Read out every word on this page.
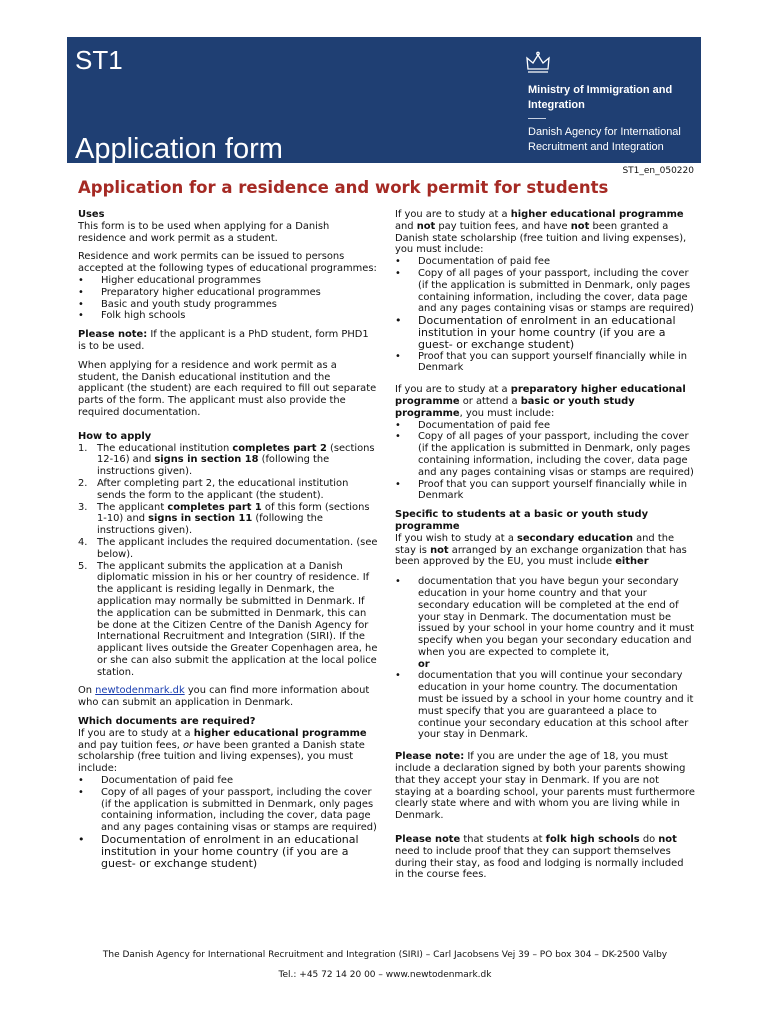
ST1
Application form
Ministry of Immigration and Integration
Danish Agency for International Recruitment and Integration
ST1_en_050220
Application for a residence and work permit for students

Uses
This form is to be used when applying for a Danish residence and work permit as a student.

Residence and work permits can be issued to persons accepted at the following types of educational programmes:

• Higher educational programmes
• Preparatory higher educational programmes
• Basic and youth study programmes
• Folk high schools

Please note: If the applicant is a PhD student, form PHD1 is to be used.

When applying for a residence and work permit as a student, the Danish educational institution and the applicant (the student) are each required to fill out separate parts of the form. The applicant must also provide the required documentation.

How to apply
1. The educational institution completes part 2 (sections 12-16) and signs in section 18 (following the instructions given).
2. After completing part 2, the educational institution sends the form to the applicant (the student).
3. The applicant completes part 1 of this form (sections 1-10) and signs in section 11 (following the instructions given).
4. The applicant includes the required documentation. (see below).
5. The applicant submits the application at a Danish diplomatic mission in his or her country of residence. If the applicant is residing legally in Denmark, the application may normally be submitted in Denmark. If the application can be submitted in Denmark, this can be done at the Citizen Centre of the Danish Agency for International Recruitment and Integration (SIRI). If the applicant lives outside the Greater Copenhagen area, he or she can also submit the application at the local police station.

On newtodenmark.dk you can find more information about who can submit an application in Denmark.

Which documents are required?

If you are to study at a higher educational programme and pay tuition fees, or have been granted a Danish state scholarship (free tuition and living expenses), you must include:
• Documentation of paid fee
• Copy of all pages of your passport, including the cover (if the application is submitted in Denmark, only pages containing information, including the cover, data page and any pages containing visas or stamps are required)
• Documentation of enrolment in an educational institution in your home country (if you are a guest- or exchange student)
If you are to study at a higher educational programme and not pay tuition fees, and have not been granted a Danish state scholarship (free tuition and living expenses), you must include:
• Documentation of paid fee
• Copy of all pages of your passport, including the cover (if the application is submitted in Denmark, only pages containing information, including the cover, data page and any pages containing visas or stamps are required)
• Documentation of enrolment in an educational institution in your home country (if you are a guest- or exchange student)
• Proof that you can support yourself financially while in Denmark
If you are to study at a preparatory higher educational programme or attend a basic or youth study programme, you must include:
• Documentation of paid fee
• Copy of all pages of your passport, including the cover (if the application is submitted in Denmark, only pages containing information, including the cover, data page and any pages containing visas or stamps are required)
• Proof that you can support yourself financially while in Denmark
Specific to students at a basic or youth study programme
If you wish to study at a secondary education and the stay is not arranged by an exchange organization that has been approved by the EU, you must include either
• documentation that you have begun your secondary education in your home country and that your secondary education will be completed at the end of your stay in Denmark. The documentation must be issued by your school in your home country and it must specify when you began your secondary education and when you are expected to complete it,
or
• documentation that you will continue your secondary education in your home country. The documentation must be issued by a school in your home country and it must specify that you are guaranteed a place to continue your secondary education at this school after your stay in Denmark.

Please note: If you are under the age of 18, you must include a declaration signed by both your parents showing that they accept your stay in Denmark. If you are not staying at a boarding school, your parents must furthermore clearly state where and with whom you are living while in Denmark.

Please note that students at folk high schools do not need to include proof that they can support themselves during their stay, as food and lodging is normally included in the course fees.

The Danish Agency for International Recruitment and Integration (SIRI) – Carl Jacobsens Vej 39 – PO box 304 – DK-2500 Valby
Tel.: +45 72 14 20 00 – www.newtodenmark.dk
